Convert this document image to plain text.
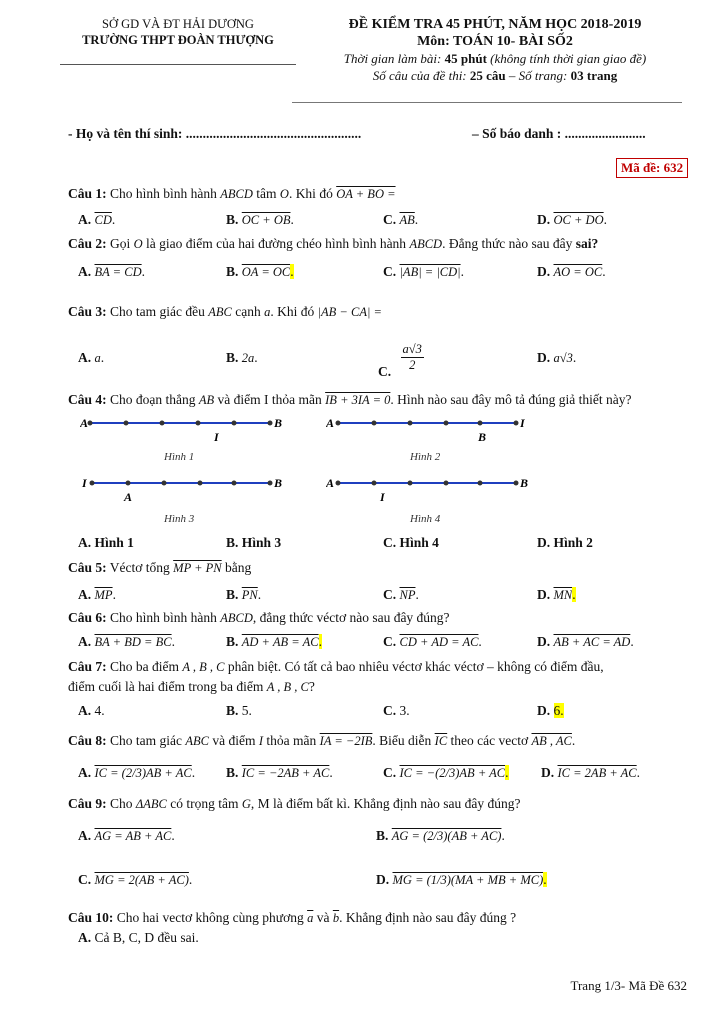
SỞ GD VÀ ĐT HẢI DƯƠNG
TRƯỜNG THPT ĐOÀN THƯỢNG
ĐỀ KIỂM TRA 45 PHÚT, NĂM HỌC 2018-2019
Môn: TOÁN 10- BÀI SỐ2
Thời gian làm bài: 45 phút (không tính thời gian giao đề)
Số câu của đề thi: 25 câu – Số trang: 03 trang
- Họ và tên thí sinh: ....................................................	– Số báo danh : ........................
Mã đề: 632
Câu 1: Cho hình bình hành ABCD tâm O. Khi đó OA + BO =
A. $\overline{CD}$.	B. OC + OB.	C. $\overline{AB}$.	D. OC + DO.
Câu 2: Gọi O là giao điểm của hai đường chéo hình bình hành ABCD. Đẳng thức nào sau đây sai?
A. BA = CD.	B. OA = OC.	C. |AB| = |CD|.	D. AO = OC.
Câu 3: Cho tam giác đều ABC cạnh a. Khi đó |AB − CA| =
A. a.	B. 2a.
C. $\frac{a√3}{2}$	D. a√3.
Câu 4: Cho đoạn thẳng AB và điểm I thỏa mãn IB + 3IA = 0. Hình nào sau đây mô tả đúng giả thiết này?
A	B
I
Hình 1
A	I
B
Hình 2
I	B
A
Hình 3
A	B
I
Hình 4
A. Hình 1	B. Hình 3	C. Hình 4	D. Hình 2
Câu 5: Véctơ tổng MP + PN bằng
A. $\overline{MP}$.	B. $\overline{PN}$.	C. $\overline{NP}$.	D. $\overline{MN}$.
Câu 6: Cho hình bình hành ABCD, đẳng thức véctơ nào sau đây đúng?
A. BA + BD = BC.	B. AD + AB = AC.	C. CD + AD = AC.	D. AB + AC = AD.
Câu 7: Cho ba điểm A , B , C phân biệt. Có tất cả bao nhiêu véctơ khác véctơ – không có điểm đầu,
điểm cuối là hai điểm trong ba điểm A , B , C?
A. 4.	B. 5.	C. 3.	D. 6.
Câu 8: Cho tam giác ABC và điểm I thỏa mãn IA = −2IB. Biểu diễn $\overline{IC}$ theo các vectơ AB , AC.
A. IC = (2/3)AB + AC. B. IC = −2AB + AC.	C. IC = −(2/3)AB + AC. D. IC = 2AB + AC.
Câu 9: Cho ΔABC có trọng tâm G, M là điểm bất kì. Khẳng định nào sau đây đúng?
A. AG = AB + AC.	B. AG = (2/3)(AB + AC).
C. MG = 2(AB + AC).	D. MG = (1/3)(MA + MB + MC).
Câu 10: Cho hai vectơ không cùng phương $\overline{a}$ và $\overline{b}$. Khẳng định nào sau đây đúng ?
A. Cả B, C, D đều sai.
Trang 1/3- Mã Đề 632
